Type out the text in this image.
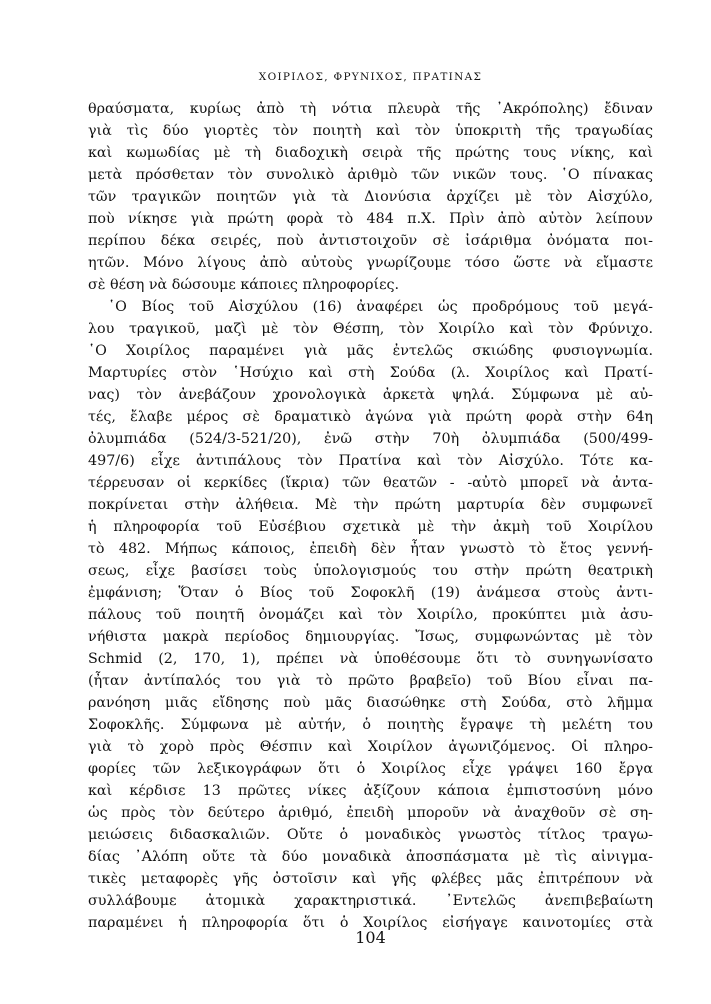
ΧΟΙΡΙΛΟΣ, ΦΡΥΝΙΧΟΣ, ΠΡΑΤΙΝΑΣ
θραύσματα, κυρίως ἀπὸ τὴ νότια πλευρὰ τῆς ᾿Ακρόπολης) ἔδιναν
γιὰ τὶς δύο γιορτὲς τὸν ποιητὴ καὶ τὸν ὑποκριτὴ τῆς τραγωδίας
καὶ κωμωδίας μὲ τὴ διαδοχικὴ σειρὰ τῆς πρώτης τους νίκης, καὶ
μετὰ πρόσθεταν τὸν συνολικὸ ἀριθμὸ τῶν νικῶν τους. ῾Ο πίνακας
τῶν τραγικῶν ποιητῶν γιὰ τὰ Διονύσια ἀρχίζει μὲ τὸν Αἰσχύλο,
ποὺ νίκησε γιὰ πρώτη φορὰ τὸ 484 π.Χ. Πρὶν ἀπὸ αὐτὸν λείπουν
περίπου δέκα σειρές, ποὺ ἀντιστοιχοῦν σὲ ἰσάριθμα ὀνόματα ποι-
ητῶν. Μόνο λίγους ἀπὸ αὐτοὺς γνωρίζουμε τόσο ὥστε νὰ εἴμαστε
σὲ θέση νὰ δώσουμε κάποιες πληροφορίες.
῾Ο Βίος τοῦ Αἰσχύλου (16) ἀναφέρει ὡς προδρόμους τοῦ μεγά-
λου τραγικοῦ, μαζὶ μὲ τὸν Θέσπη, τὸν Χοιρίλο καὶ τὸν Φρύνιχο.
῾Ο Χοιρίλος παραμένει γιὰ μᾶς ἐντελῶς σκιώδης φυσιογνωμία.
Μαρτυρίες στὸν ῾Ησύχιο καὶ στὴ Σούδα (λ. Χοιρίλος καὶ Πρατί-
νας) τὸν ἀνεβάζουν χρονολογικὰ ἀρκετὰ ψηλά. Σύμφωνα μὲ αὐ-
τές, ἔλαβε μέρος σὲ δραματικὸ ἀγώνα γιὰ πρώτη φορὰ στὴν 64η
ὀλυμπιάδα (524/3-521/20), ἐνῶ στὴν 70ὴ ὀλυμπιάδα (500/499-
497/6) εἶχε ἀντιπάλους τὸν Πρατίνα καὶ τὸν Αἰσχύλο. Τότε κα-
τέρρευσαν οἱ κερκίδες (ἴκρια) τῶν θεατῶν - -αὐτὸ μπορεῖ νὰ ἀντα-
ποκρίνεται στὴν ἀλήθεια. Μὲ τὴν πρώτη μαρτυρία δὲν συμφωνεῖ
ἡ πληροφορία τοῦ Εὐσέβιου σχετικὰ μὲ τὴν ἀκμὴ τοῦ Χοιρίλου
τὸ 482. Μήπως κάποιος, ἐπειδὴ δὲν ἦταν γνωστὸ τὸ ἔτος γεννή-
σεως, εἶχε βασίσει τοὺς ὑπολογισμούς του στὴν πρώτη θεατρικὴ
ἐμφάνιση; Ὅταν ὁ Βίος τοῦ Σοφοκλῆ (19) ἀνάμεσα στοὺς ἀντι-
πάλους τοῦ ποιητῆ ὀνομάζει καὶ τὸν Χοιρίλο, προκύπτει μιὰ ἀσυ-
νήθιστα μακρὰ περίοδος δημιουργίας. Ἴσως, συμφωνώντας μὲ τὸν
Schmid (2, 170, 1), πρέπει νὰ ὑποθέσουμε ὅτι τὸ συνηγωνίσατο
(ἦταν ἀντίπαλός του γιὰ τὸ πρῶτο βραβεῖο) τοῦ Βίου εἶναι πα-
ρανόηση μιᾶς εἴδησης ποὺ μᾶς διασώθηκε στὴ Σούδα, στὸ λῆμμα
Σοφοκλῆς. Σύμφωνα μὲ αὐτήν, ὁ ποιητὴς ἔγραψε τὴ μελέτη του
γιὰ τὸ χορὸ πρὸς Θέσπιν καὶ Χοιρίλον ἀγωνιζόμενος. Οἱ πληρο-
φορίες τῶν λεξικογράφων ὅτι ὁ Χοιρίλος εἶχε γράψει 160 ἔργα
καὶ κέρδισε 13 πρῶτες νίκες ἀξίζουν κάποια ἐμπιστοσύνη μόνο
ὡς πρὸς τὸν δεύτερο ἀριθμό, ἐπειδὴ μποροῦν νὰ ἀναχθοῦν σὲ ση-
μειώσεις διδασκαλιῶν. Οὔτε ὁ μοναδικὸς γνωστὸς τίτλος τραγω-
δίας ᾿Αλόπη οὔτε τὰ δύο μοναδικὰ ἀποσπάσματα μὲ τὶς αἰνιγμα-
τικὲς μεταφορὲς γῆς ὀστοῖσιν καὶ γῆς φλέβες μᾶς ἐπιτρέπουν νὰ
συλλάβουμε ἀτομικὰ χαρακτηριστικά. ᾿Εντελῶς ἀνεπιβεβαίωτη
παραμένει ἡ πληροφορία ὅτι ὁ Χοιρίλος εἰσήγαγε καινοτομίες στὰ
104
